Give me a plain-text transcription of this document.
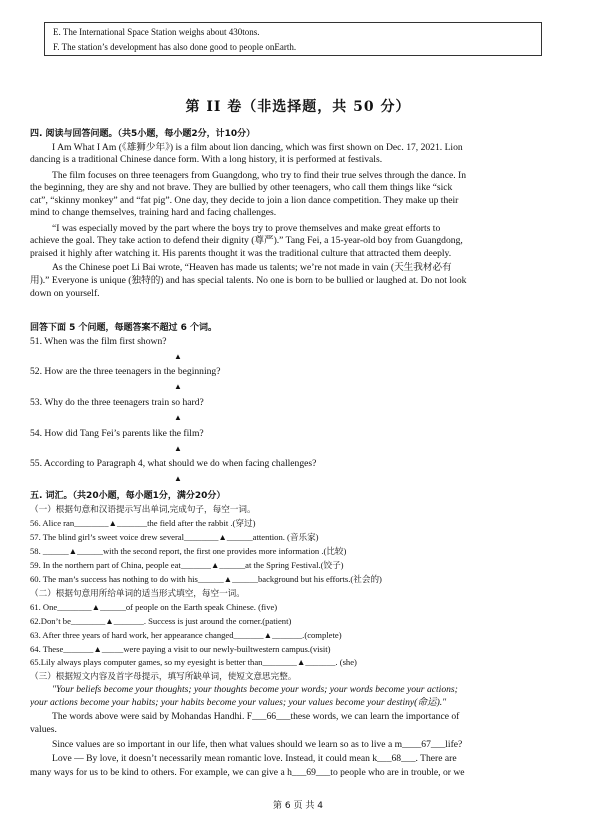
E. The International Space Station weighs about 430tons.
F. The station’s development has also done good to people onEarth.
第 II 卷（非选择题，共 50 分）
四. 阅读与回答问题。（共5小题，每小题2分，计10分）
I Am What I Am (《雄狮少年》) is a film about lion dancing, which was first shown on Dec. 17, 2021. Lion
dancing is a traditional Chinese dance form. With a long history, it is performed at festivals.
The film focuses on three teenagers from Guangdong, who try to find their true selves through the dance. In
the beginning, they are shy and not brave. They are bullied by other teenagers, who call them things like “sick
cat”, “skinny monkey” and “fat pig”. One day, they decide to join a lion dance competition. They make up their
mind to change themselves, training hard and facing challenges.
“I was especially moved by the part where the boys try to prove themselves and make great efforts to
achieve the goal. They take action to defend their dignity (尊严).” Tang Fei, a 15-year-old boy from Guangdong,
praised it highly after watching it. His parents thought it was the traditional culture that attracted them deeply.
As the Chinese poet Li Bai wrote, “Heaven has made us talents; we’re not made in vain (天生我材必有
用).” Everyone is unique (独特的) and has special talents. No one is born to be bullied or laughed at. Do not look
down on yourself.
回答下面 5 个问题，每题答案不超过 6 个词。
51. When was the film first shown?
▲
52. How are the three teenagers in the beginning?
▲
53. Why do the three teenagers train so hard?
▲
54. How did Tang Fei’s parents like the film?
▲
55. According to Paragraph 4, what should we do when facing challenges?
▲
五. 词汇。（共20小题，每小题1分，满分20分）
（一）根据句意和汉语提示写出单词,完成句子，每空一词。
56. Alice ran________▲_______the field after the rabbit .(穿过)
57. The blind girl’s sweet voice drew several________▲______attention. (音乐家)
58. ______▲______with the second report, the first one provides more information .(比较)
59. In the northern part of China, people eat_______▲______at the Spring Festival.(饺子)
60. The man’s success has nothing to do with his______▲______background but his efforts.(社会的)
（二）根据句意用所给单词的适当形式填空，每空一词。
61. One________▲______of people on the Earth speak Chinese. (five)
62.Don’t be________▲_______. Success is just around the corner.(patient)
63. After three years of hard work, her appearance changed_______▲_______.(complete)
64. These_______▲_____were paying a visit to our newly-builtwestern campus.(visit)
65.Lily always plays computer games, so my eyesight is better than________▲_______. (she)
（三）根据短文内容及首字母提示，填写所缺单词，使短文意思完整。
"Your beliefs become your thoughts; your thoughts become your words; your words become your actions;
your actions become your habits; your habits become your values; your values become your destiny(命运)."
The words above were said by Mohandas Handhi. F___66___these words, we can learn the importance of
values.
Since values are so important in our life, then what values should we learn so as to live a m____67___life?
Love — By love, it doesn’t necessarily mean romantic love. Instead, it could mean k___68___. There are
many ways for us to be kind to others. For example, we can give a h___69___to people who are in trouble, or we
第 6 页 共 4
